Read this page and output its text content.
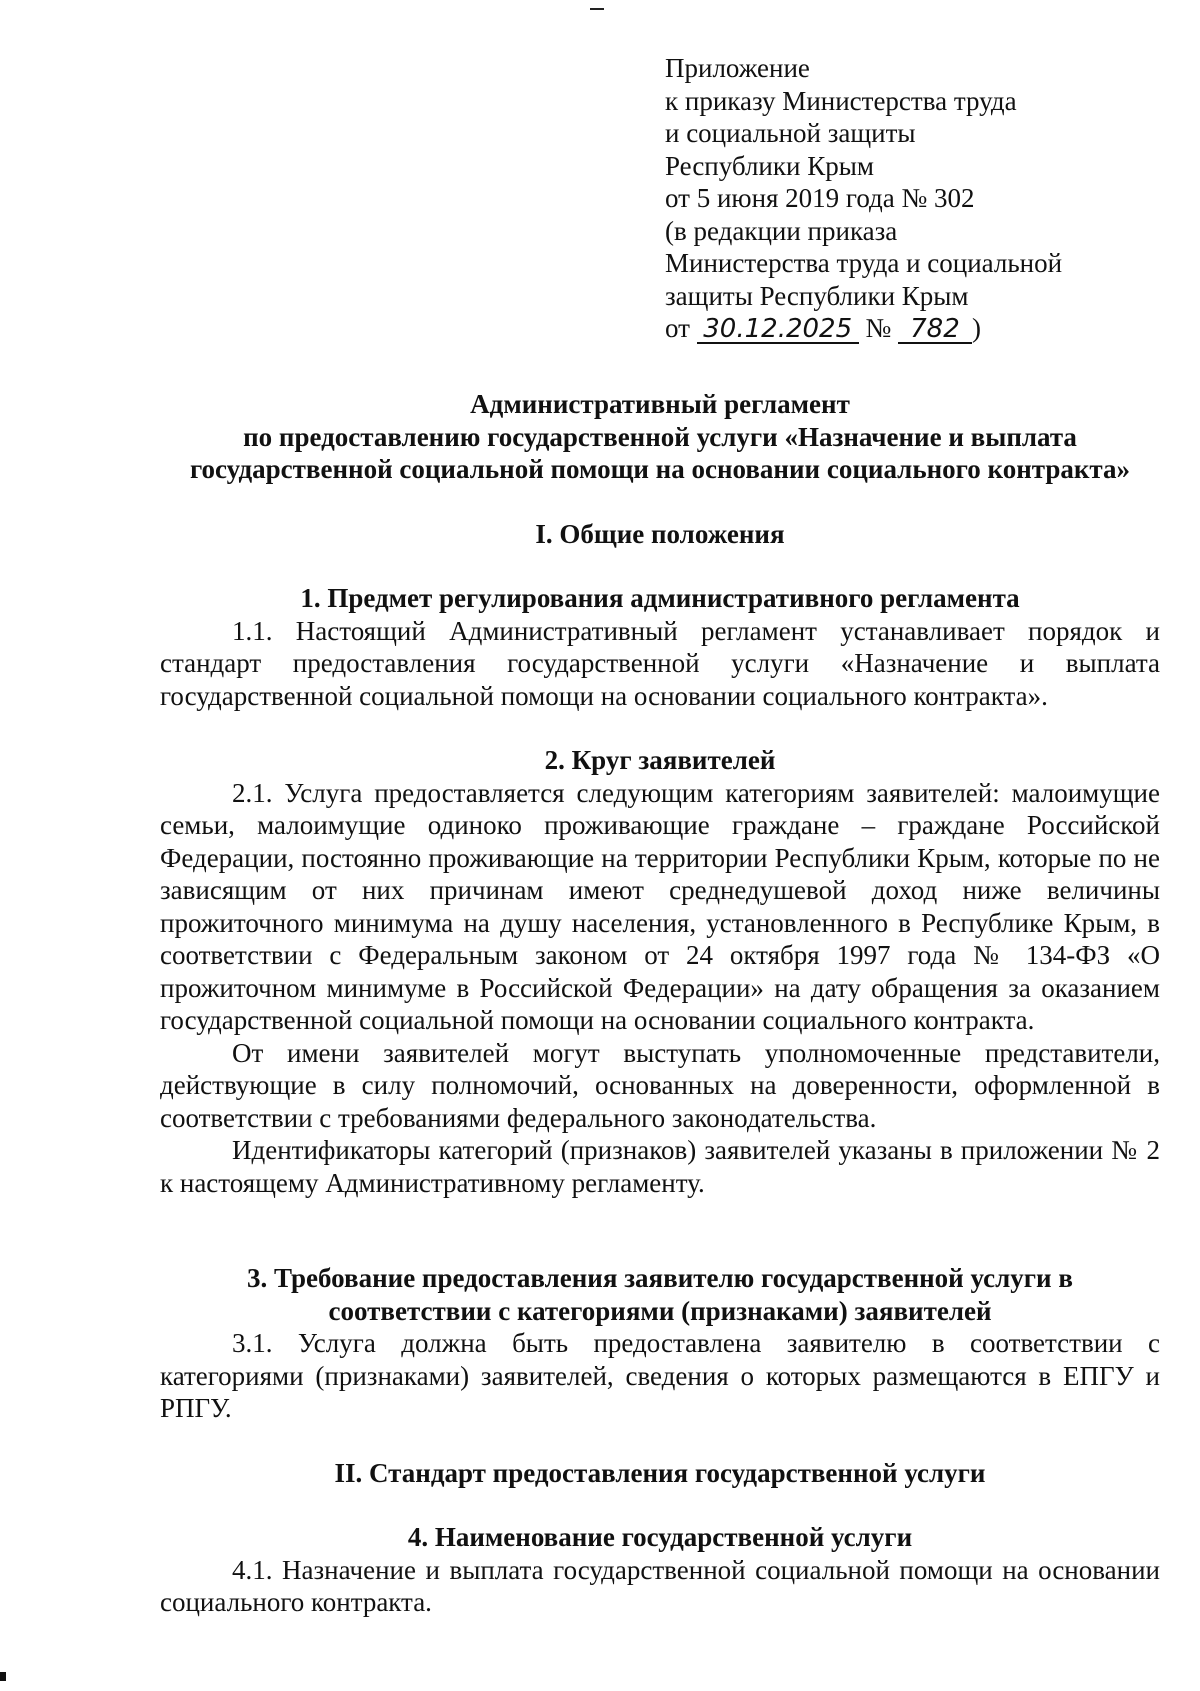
Приложение
к приказу Министерства труда
и социальной защиты
Республики Крым
от 5 июня 2019 года № 302
(в редакции приказа
Министерства труда и социальной
защиты Республики Крым
от 30.12.2025 № 782 )

Административный регламент

по предоставлению государственной услуги «Назначение и выплата

государственной социальной помощи на основании социального контракта»

I. Общие положения

1. Предмет регулирования административного регламента

1.1. Настоящий Административный регламент устанавливает порядок и стандарт предоставления государственной услуги «Назначение и выплата государственной социальной помощи на основании социального контракта».

2. Круг заявителей

2.1. Услуга предоставляется следующим категориям заявителей: малоимущие семьи, малоимущие одиноко проживающие граждане – граждане Российской Федерации, постоянно проживающие на территории Республики Крым, которые по не зависящим от них причинам имеют среднедушевой доход ниже величины прожиточного минимума на душу населения, установленного в Республике Крым, в соответствии с Федеральным законом от 24 октября 1997 года № 134-ФЗ «О прожиточном минимуме в Российской Федерации» на дату обращения за оказанием государственной социальной помощи на основании социального контракта.

От имени заявителей могут выступать уполномоченные представители, действующие в силу полномочий, основанных на доверенности, оформленной в соответствии с требованиями федерального законодательства.

Идентификаторы категорий (признаков) заявителей указаны в приложении № 2 к настоящему Административному регламенту.

3. Требование предоставления заявителю государственной услуги в

соответствии с категориями (признаками) заявителей

3.1. Услуга должна быть предоставлена заявителю в соответствии с категориями (признаками) заявителей, сведения о которых размещаются в ЕПГУ и РПГУ.

II. Стандарт предоставления государственной услуги

4. Наименование государственной услуги

4.1. Назначение и выплата государственной социальной помощи на основании социального контракта.
